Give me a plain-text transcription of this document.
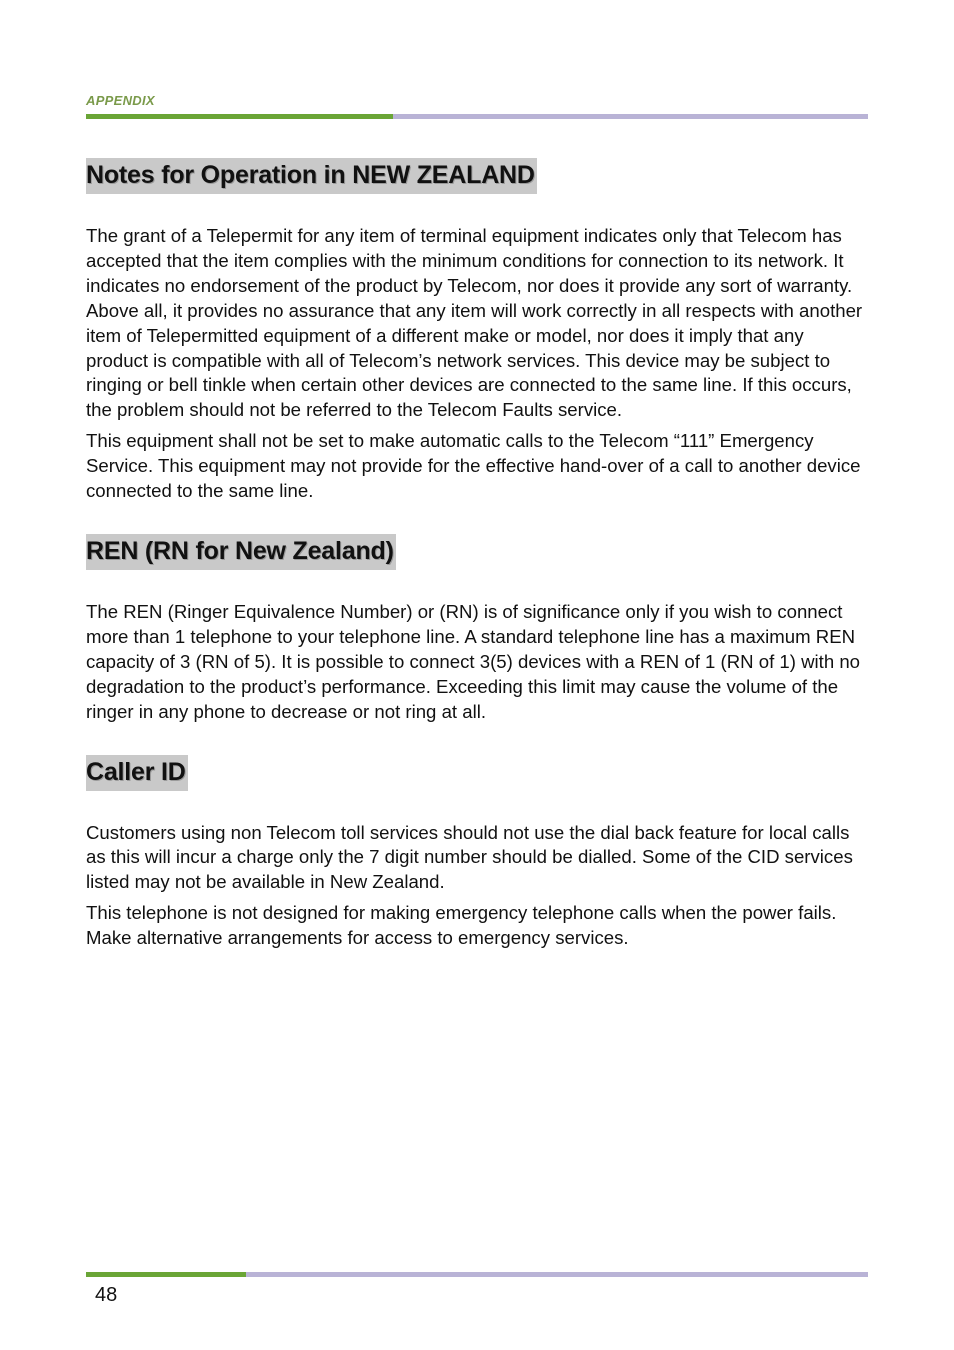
APPENDIX
Notes for Operation in NEW ZEALAND

The grant of a Telepermit for any item of terminal equipment indicates only that Telecom has accepted that the item complies with the minimum conditions for connection to its network. It indicates no endorsement of the product by Telecom, nor does it provide any sort of warranty. Above all, it provides no assurance that any item will work correctly in all respects with another item of Telepermitted equipment of a different make or model, nor does it imply that any product is compatible with all of Telecom’s network services. This device may be subject to ringing or bell tinkle when certain other devices are connected to the same line. If this occurs, the problem should not be referred to the Telecom Faults service.

This equipment shall not be set to make automatic calls to the Telecom “111” Emergency Service. This equipment may not provide for the effective hand-over of a call to another device connected to the same line.

REN (RN for New Zealand)

The REN (Ringer Equivalence Number) or (RN) is of significance only if you wish to connect more than 1 telephone to your telephone line. A standard telephone line has a maximum REN capacity of 3 (RN of 5). It is possible to connect 3(5) devices with a REN of 1 (RN of 1) with no degradation to the product’s performance. Exceeding this limit may cause the volume of the ringer in any phone to decrease or not ring at all.

Caller ID

Customers using non Telecom toll services should not use the dial back feature for local calls as this will incur a charge only the 7 digit number should be dialled. Some of the CID services listed may not be available in New Zealand.

This telephone is not designed for making emergency telephone calls when the power fails. Make alternative arrangements for access to emergency services.

48
